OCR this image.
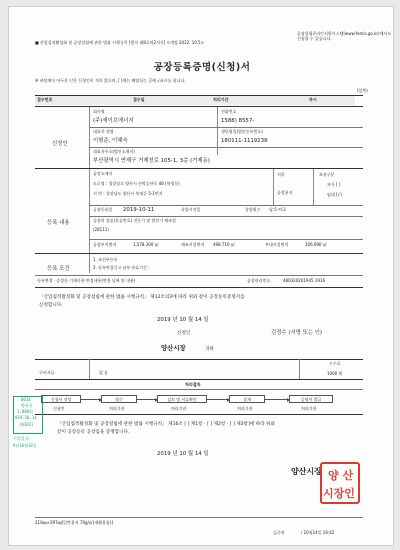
■ 산업집적활성화 및 공장설립에 관한 법률 시행규칙 [별지 제8호의2서식] <개정 2012. 10.5>
공장설립온라인지원시스템(www.femis.go.kr)에서도 신청할 수 있습니다.
공장등록증명(신청)서
※ 바탕색이 어두운 난은 신청인이 적지 않으며, [ ]에는 해당되는 곳에 √표시를 합니다.
(앞쪽)
접수번호	접수일	처리기간	즉시
신청인
회사명
(주)세이브에너지
전화번호
1588) 8557-
대표자 성명
이형준, 이혜숙
생년월일(법인등록번호)
180111-1119238
대표자주소(법인소재지)
부산광역시 연제구 거제천로 105-1, 3층 (거제동)
등록 내용
공장소재지
도로명 : 경상남도 양산시 산막공단로 48 (북정동)
지 번 : 경상남도 양산시 북정동 5-1번지
지목
공장용지
보유구분
자가 [ ]
임대 [√]
공장등록일 2019-10-11	사업시작일	종업원수 남:5 여:2
공장의 업종(분류번호) 전동기 및 발전기 제조업
(28111)
공장부지면적	1,578.300 ㎡	제조시설면적 498.710 ㎡	부대시설면적	106.090 ㎡
등록 조건
1. 조건부등록
2. 등록변경신고 남부 유효기간 :
등록변경 · 증설등 기재사항 변경내용(변경 날짜 및 내용)	공장관리번호	480320201945 1916
「산업집적활성화 및 공장설립에 관한 법률 시행규칙」 제12조의3에 따라 위와 같이 공장등록증명서를
신청합니다.
2019 년 10 월 14 일
신청인	김정수 (서명 또는 인)
양산시장	귀하
구비서류	없 음
수수료
1000 원
처리절차
신청서 작성	접수	검토 및 서류확인	결재	증명서 발급
신청인	처리기관	처리기관	처리기관	처리기관
「산업집적활성화 및 공장설립에 관한 법률 시행규칙」 제16조 [ ] 제1항 · [ ] 제2항 · [ ] 제3항]에 따라 위와
같이 공장등록 공장임을 증명합니다.
2019 년 10 월 14 일
양산시장 양산
시장인
210㎜×297㎜[일반용지 70g/㎡(재활용품)]
김중학	/ 10월14일 16:42
0014
양산시
1,000원
019.10.14
(8392)
수입일자:
9년10월14일
